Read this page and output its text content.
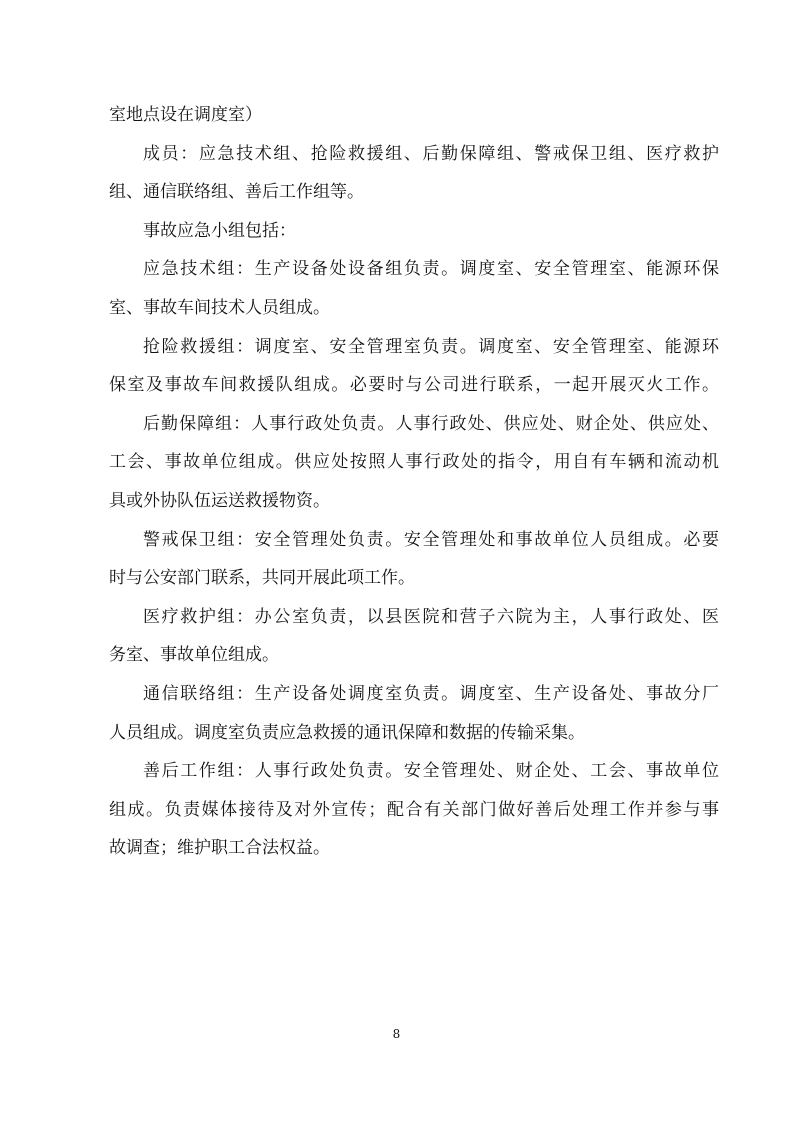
室地点设在调度室）
成员：应急技术组、抢险救援组、后勤保障组、警戒保卫组、医疗救护
组、通信联络组、善后工作组等。
事故应急小组包括：
应急技术组：生产设备处设备组负责。调度室、安全管理室、能源环保
室、事故车间技术人员组成。
抢险救援组：调度室、安全管理室负责。调度室、安全管理室、能源环
保室及事故车间救援队组成。必要时与公司进行联系，一起开展灭火工作。
后勤保障组：人事行政处负责。人事行政处、供应处、财企处、供应处、
工会、事故单位组成。供应处按照人事行政处的指令，用自有车辆和流动机
具或外协队伍运送救援物资。
警戒保卫组：安全管理处负责。安全管理处和事故单位人员组成。必要
时与公安部门联系，共同开展此项工作。
医疗救护组：办公室负责，以县医院和营子六院为主，人事行政处、医
务室、事故单位组成。
通信联络组：生产设备处调度室负责。调度室、生产设备处、事故分厂
人员组成。调度室负责应急救援的通讯保障和数据的传输采集。
善后工作组：人事行政处负责。安全管理处、财企处、工会、事故单位
组成。负责媒体接待及对外宣传；配合有关部门做好善后处理工作并参与事
故调查；维护职工合法权益。
8
